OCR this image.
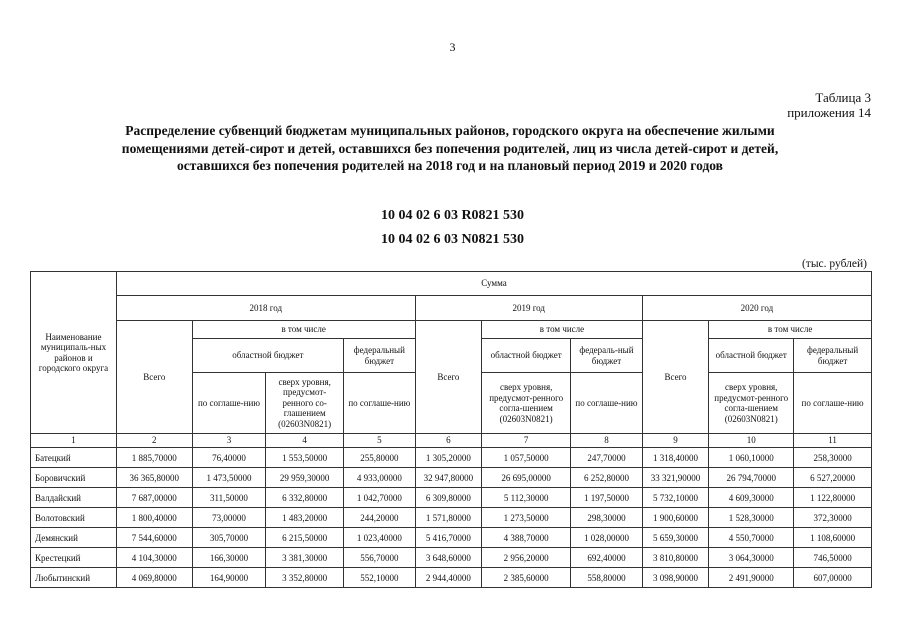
3
Таблица 3
приложения 14
Распределение субвенций бюджетам муниципальных районов, городского округа на обеспечение жилыми помещениями детей-сирот и детей, оставшихся без попечения родителей, лиц из числа детей-сирот и детей, оставшихся без попечения родителей на 2018 год и на плановый период 2019 и 2020 годов
10 04 02 6 03 R0821 530
10 04 02 6 03 N0821 530
(тыс. рублей)
Наименование муниципаль-ных районов и городского округа	Сумма									
	2018 год				2019 год			2020 год		
	Всего	в том числе			Всего	в том числе		Всего	в том числе	
		областной бюджет		федеральный бюджет		областной бюджет	федераль-ный бюджет		областной бюджет	федеральный бюджет
		по соглаше-нию	сверх уровня, предусмот-ренного со-глашением (02603N0821)	по соглаше-нию		сверх уровня, предусмот-ренного согла-шением (02603N0821)	по соглаше-нию		сверх уровня, предусмот-ренного согла-шением (02603N0821)	по соглаше-нию
1	2	3	4	5	6	7	8	9	10	11
Батецкий	1 885,70000	76,40000	1 553,50000	255,80000	1 305,20000	1 057,50000	247,70000	1 318,40000	1 060,10000	258,30000
Боровичский	36 365,80000	1 473,50000	29 959,30000	4 933,00000	32 947,80000	26 695,00000	6 252,80000	33 321,90000	26 794,70000	6 527,20000
Валдайский	7 687,00000	311,50000	6 332,80000	1 042,70000	6 309,80000	5 112,30000	1 197,50000	5 732,10000	4 609,30000	1 122,80000
Волотовский	1 800,40000	73,00000	1 483,20000	244,20000	1 571,80000	1 273,50000	298,30000	1 900,60000	1 528,30000	372,30000
Демянский	7 544,60000	305,70000	6 215,50000	1 023,40000	5 416,70000	4 388,70000	1 028,00000	5 659,30000	4 550,70000	1 108,60000
Крестецкий	4 104,30000	166,30000	3 381,30000	556,70000	3 648,60000	2 956,20000	692,40000	3 810,80000	3 064,30000	746,50000
Любытинский	4 069,80000	164,90000	3 352,80000	552,10000	2 944,40000	2 385,60000	558,80000	3 098,90000	2 491,90000	607,00000
